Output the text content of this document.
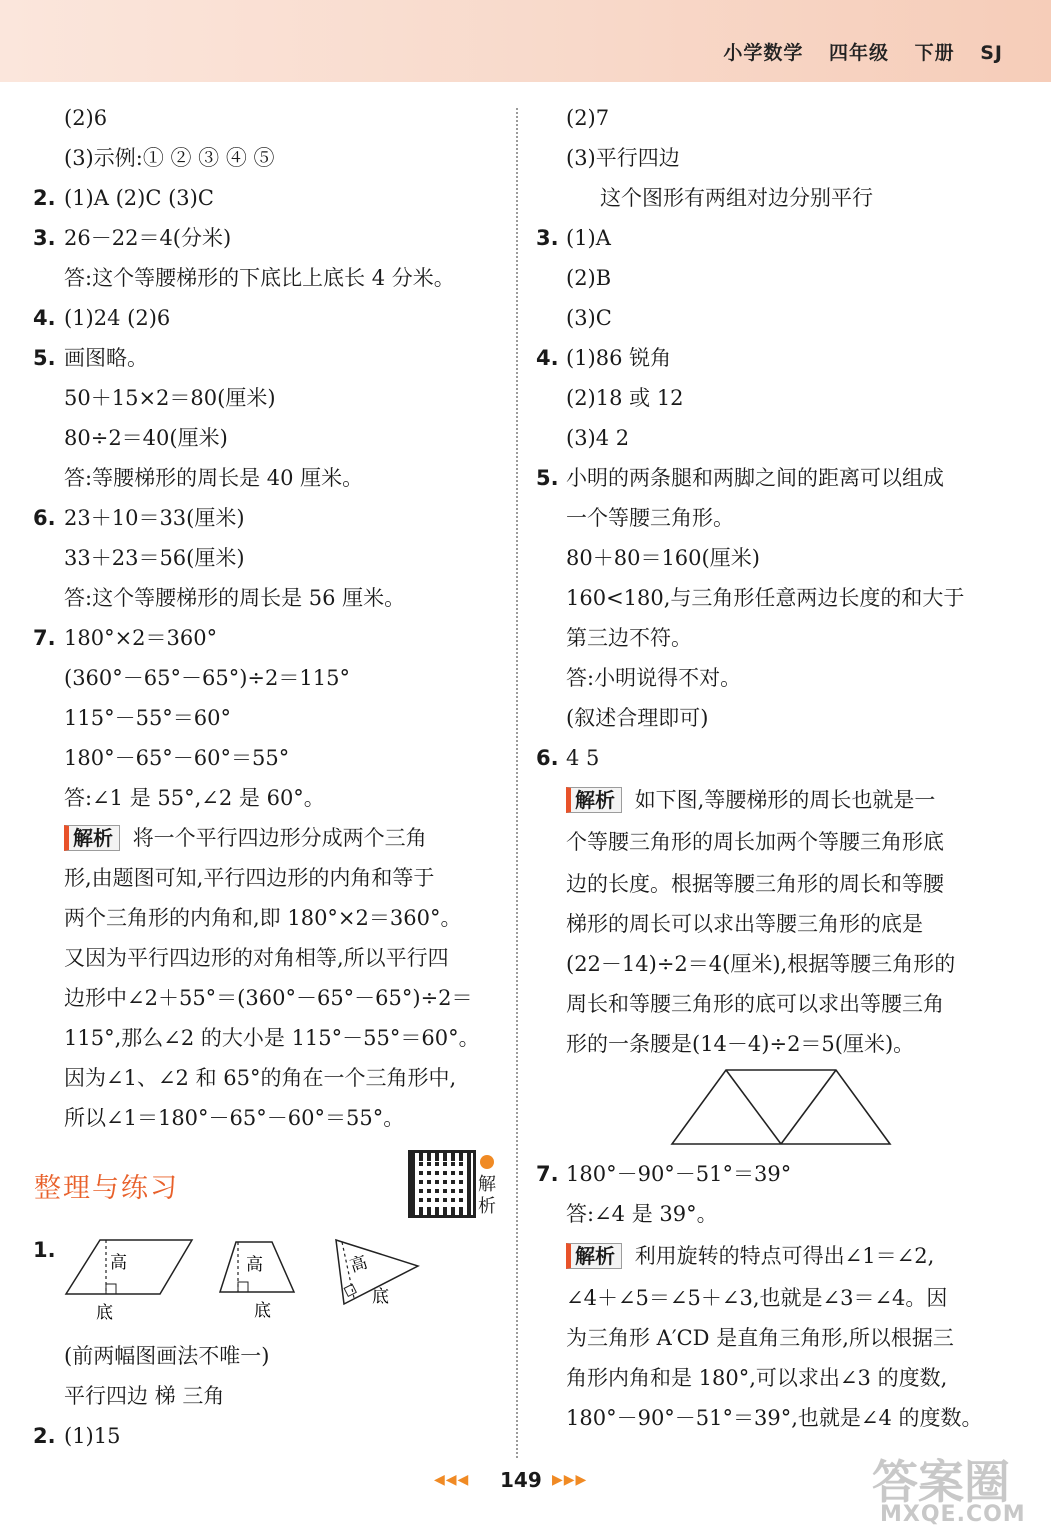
小学数学 四年级 下册 SJ
(2)6
(3)示例:① ② ③ ④ ⑤
2. (1)A (2)C (3)C
3. 26－22＝4(分米)
答:这个等腰梯形的下底比上底长 4 分米。
4. (1)24 (2)6
5. 画图略。
50＋15×2＝80(厘米)
80÷2＝40(厘米)
答:等腰梯形的周长是 40 厘米。
6. 23＋10＝33(厘米)
33＋23＝56(厘米)
答:这个等腰梯形的周长是 56 厘米。
7. 180°×2＝360°
(360°－65°－65°)÷2＝115°
115°－55°＝60°
180°－65°－60°＝55°
答:∠1 是 55°,∠2 是 60°。
解析 将一个平行四边形分成两个三角
形,由题图可知,平行四边形的内角和等于
两个三角形的内角和,即 180°×2＝360°。
又因为平行四边形的对角相等,所以平行四
边形中∠2＋55°＝(360°－65°－65°)÷2＝
115°,那么∠2 的大小是 115°－55°＝60°。
因为∠1、∠2 和 65°的角在一个三角形中,
所以∠1＝180°－65°－60°＝55°。
整理与练习	解析
1.
高
底
高
底
高
底
(前两幅图画法不唯一)
平行四边 梯 三角
2. (1)15
(2)7
(3)平行四边
这个图形有两组对边分别平行
3. (1)A
(2)B
(3)C
4. (1)86 锐角
(2)18 或 12
(3)4 2
5. 小明的两条腿和两脚之间的距离可以组成
一个等腰三角形。
80＋80＝160(厘米)
160<180,与三角形任意两边长度的和大于
第三边不符。
答:小明说得不对。
(叙述合理即可)
6. 4 5
解析 如下图,等腰梯形的周长也就是一
个等腰三角形的周长加两个等腰三角形底
边的长度。根据等腰三角形的周长和等腰
梯形的周长可以求出等腰三角形的底是
(22－14)÷2＝4(厘米),根据等腰三角形的
周长和等腰三角形的底可以求出等腰三角
形的一条腰是(14－4)÷2＝5(厘米)。
7. 180°－90°－51°＝39°
答:∠4 是 39°。
解析 利用旋转的特点可得出∠1＝∠2,
∠4＋∠5＝∠5＋∠3,也就是∠3＝∠4。因
为三角形 A′CD 是直角三角形,所以根据三
角形内角和是 180°,可以求出∠3 的度数,
180°－90°－51°＝39°,也就是∠4 的度数。
◀◀◀ 149 ▶▶▶	答案圈
MXQE.COM
